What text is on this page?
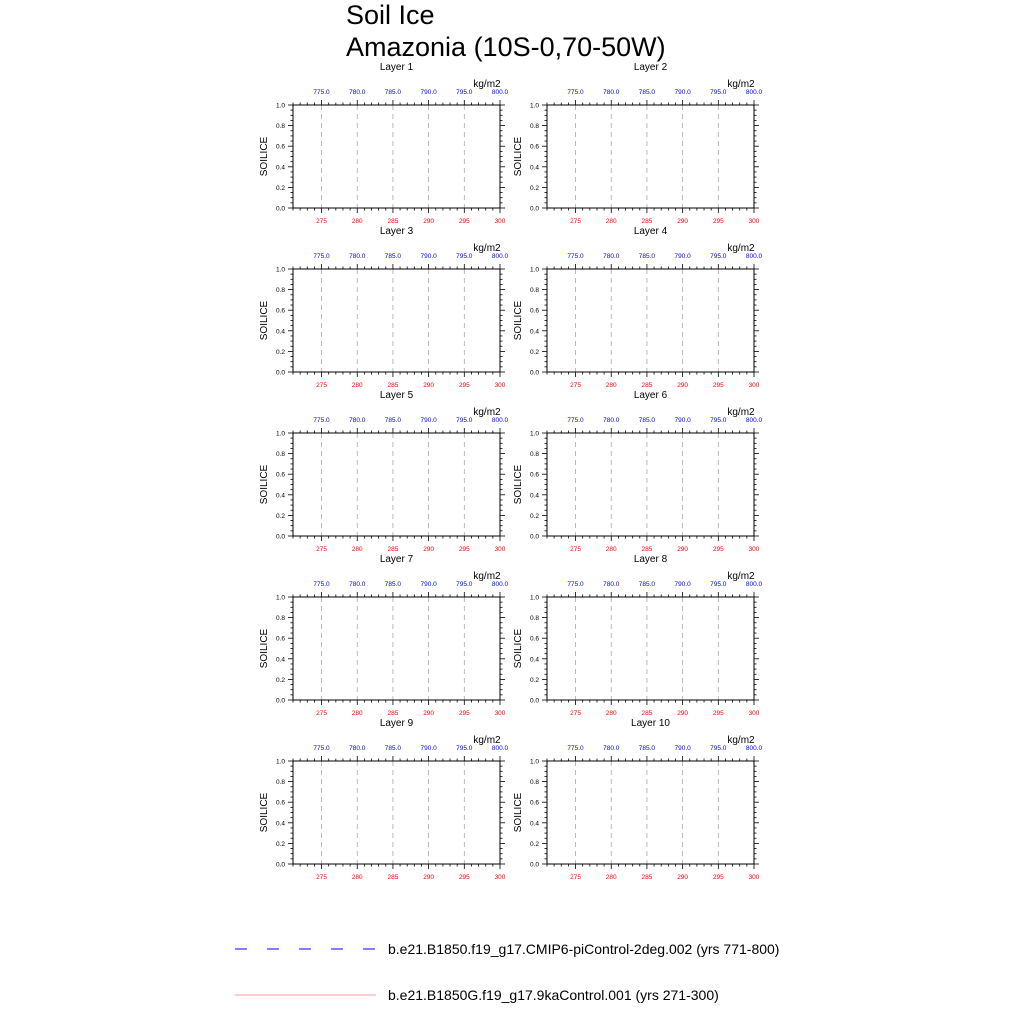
Soil Ice
Amazonia (10S-0,70-50W)
Layer 1
kg/m2
SOILICE
0.0
0.2
0.4
0.6
0.8
1.0
275	280	285	290	295	300
775.0	780.0	785.0	790.0	795.0	800.0
Layer 2
kg/m2
SOILICE
0.0
0.2
0.4
0.6
0.8
1.0
275	280	285	290	295	300
775.0	780.0	785.0	790.0	795.0	800.0
Layer 3
kg/m2
SOILICE
0.0
0.2
0.4
0.6
0.8
1.0
275	280	285	290	295	300
775.0	780.0	785.0	790.0	795.0	800.0
Layer 4
kg/m2
SOILICE
0.0
0.2
0.4
0.6
0.8
1.0
275	280	285	290	295	300
775.0	780.0	785.0	790.0	795.0	800.0
Layer 5
kg/m2
SOILICE
0.0
0.2
0.4
0.6
0.8
1.0
275	280	285	290	295	300
775.0	780.0	785.0	790.0	795.0	800.0
Layer 6
kg/m2
SOILICE
0.0
0.2
0.4
0.6
0.8
1.0
275	280	285	290	295	300
775.0	780.0	785.0	790.0	795.0	800.0
Layer 7
kg/m2
SOILICE
0.0
0.2
0.4
0.6
0.8
1.0
275	280	285	290	295	300
775.0	780.0	785.0	790.0	795.0	800.0
Layer 8
kg/m2
SOILICE
0.0
0.2
0.4
0.6
0.8
1.0
275	280	285	290	295	300
775.0	780.0	785.0	790.0	795.0	800.0
Layer 9
kg/m2
SOILICE
0.0
0.2
0.4
0.6
0.8
1.0
275	280	285	290	295	300
775.0	780.0	785.0	790.0	795.0	800.0
Layer 10
kg/m2
SOILICE
0.0
0.2
0.4
0.6
0.8
1.0
275	280	285	290	295	300
775.0	780.0	785.0	790.0	795.0	800.0
b.e21.B1850.f19_g17.CMIP6-piControl-2deg.002 (yrs 771-800)
b.e21.B1850G.f19_g17.9kaControl.001 (yrs 271-300)
